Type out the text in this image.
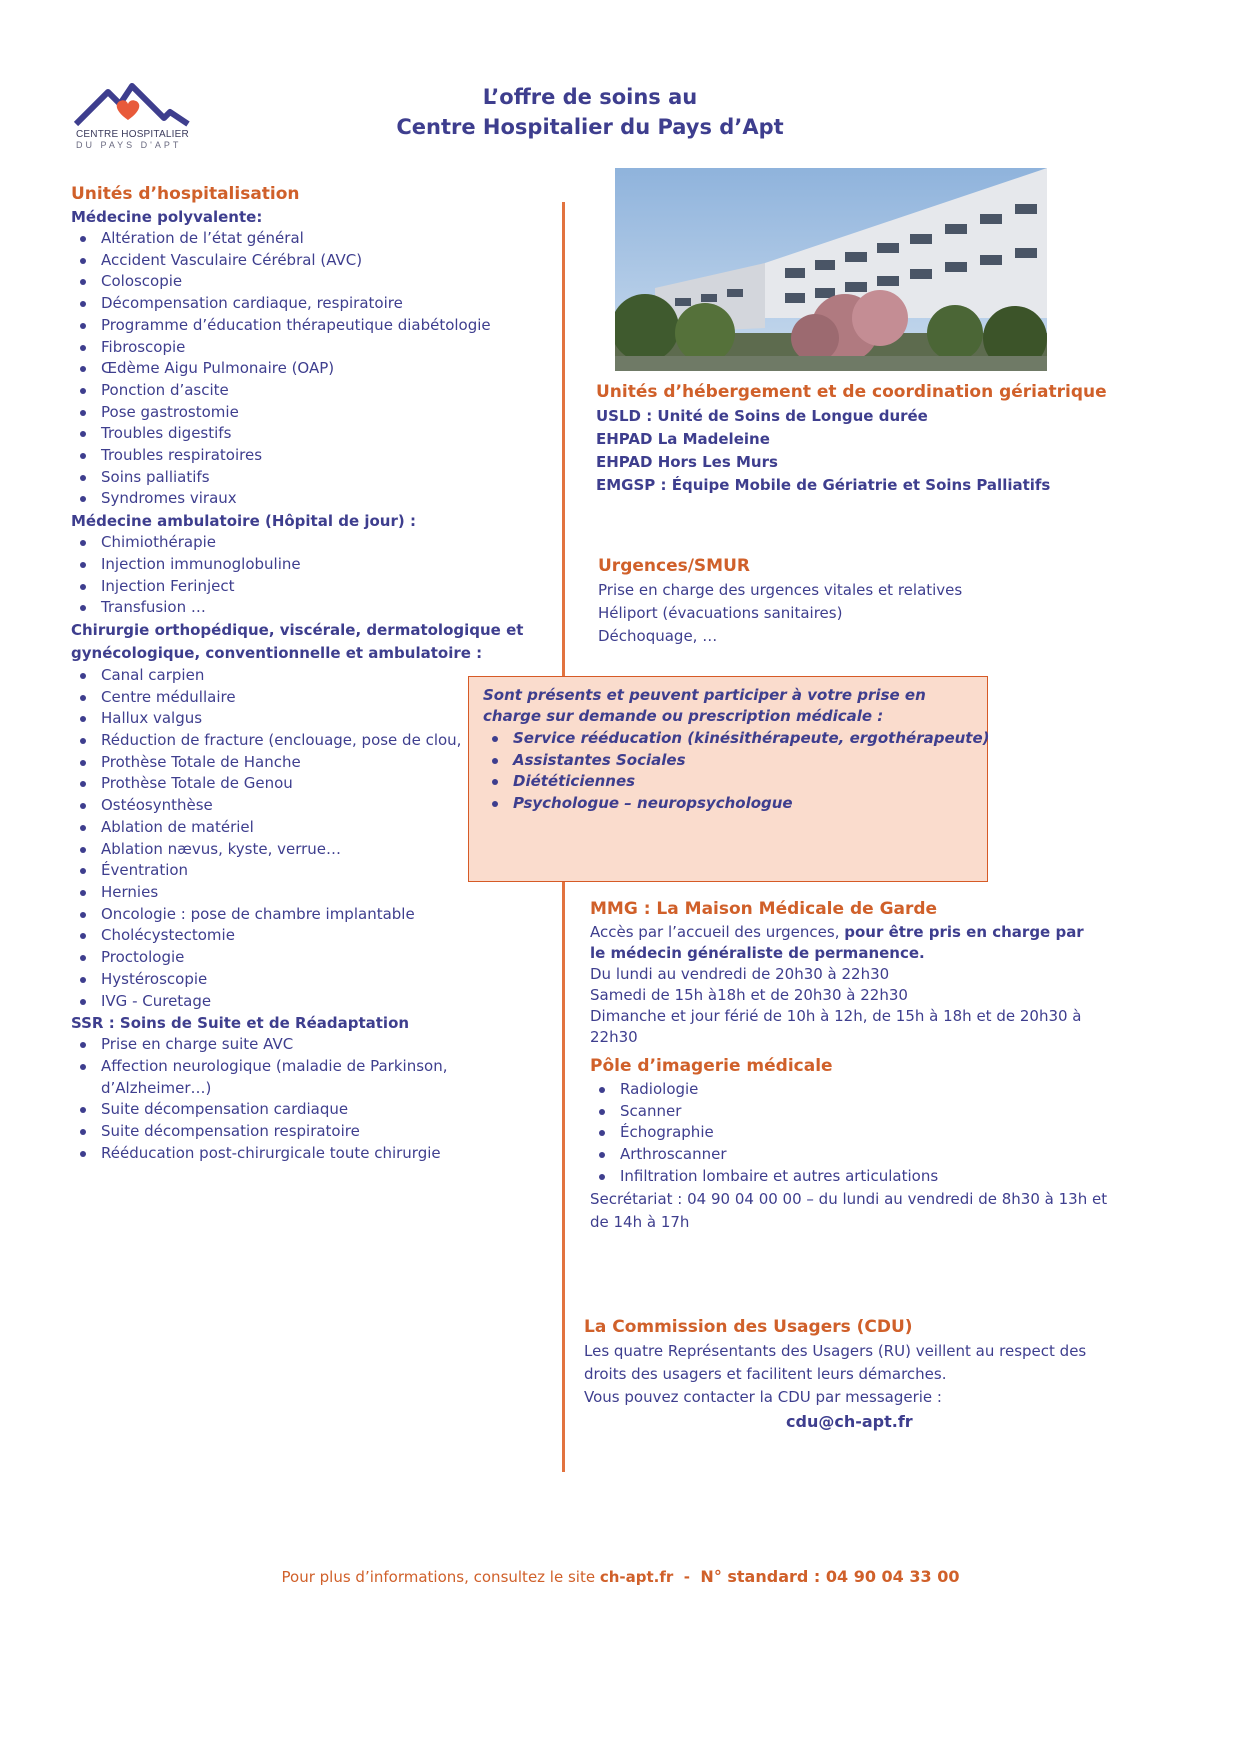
CENTRE HOSPITALIER
DU PAYS D'APT
L’offre de soins au
Centre Hospitalier du Pays d’Apt
Unités d’hospitalisation
Médecine polyvalente:
Altération de l’état général
Accident Vasculaire Cérébral (AVC)
Coloscopie
Décompensation cardiaque, respiratoire
Programme d’éducation thérapeutique diabétologie
Fibroscopie
Œdème Aigu Pulmonaire (OAP)
Ponction d’ascite
Pose gastrostomie
Troubles digestifs
Troubles respiratoires
Soins palliatifs
Syndromes viraux
Médecine ambulatoire (Hôpital de jour) :
Chimiothérapie
Injection immunoglobuline
Injection Ferinject
Transfusion …
Chirurgie orthopédique, viscérale, dermatologique et
gynécologique, conventionnelle et ambulatoire :
Canal carpien
Centre médullaire
Hallux valgus
Réduction de fracture (enclouage, pose de clou,
Prothèse Totale de Hanche
Prothèse Totale de Genou
Ostéosynthèse
Ablation de matériel
Ablation nævus, kyste, verrue…
Éventration
Hernies
Oncologie : pose de chambre implantable
Cholécystectomie
Proctologie
Hystéroscopie
IVG - Curetage
SSR : Soins de Suite et de Réadaptation
Prise en charge suite AVC
Affection neurologique (maladie de Parkinson, d’Alzheimer…)
Suite décompensation cardiaque
Suite décompensation respiratoire
Rééducation post-chirurgicale toute chirurgie
Unités d’hébergement et de coordination gériatrique
USLD : Unité de Soins de Longue durée
EHPAD La Madeleine
EHPAD Hors Les Murs
EMGSP : Équipe Mobile de Gériatrie et Soins Palliatifs
Urgences/SMUR
Prise en charge des urgences vitales et relatives
Héliport (évacuations sanitaires)
Déchoquage, …
Sont présents et peuvent participer à votre prise en charge sur demande ou prescription médicale :
Service rééducation (kinésithérapeute, ergothérapeute)
Assistantes Sociales
Diététiciennes
Psychologue – neuropsychologue
MMG : La Maison Médicale de Garde
Accès par l’accueil des urgences, pour être pris en charge par le médecin généraliste de permanence.
Du lundi au vendredi de 20h30 à 22h30
Samedi de 15h à18h et de 20h30 à 22h30
Dimanche et jour férié de 10h à 12h, de 15h à 18h et de 20h30 à 22h30
Pôle d’imagerie médicale
Radiologie
Scanner
Échographie
Arthroscanner
Infiltration lombaire et autres articulations
Secrétariat : 04 90 04 00 00 – du lundi au vendredi de 8h30 à 13h et de 14h à 17h
La Commission des Usagers (CDU)
Les quatre Représentants des Usagers (RU) veillent au respect des droits des usagers et facilitent leurs démarches.
Vous pouvez contacter la CDU par messagerie :
cdu@ch-apt.fr
Pour plus d’informations, consultez le site ch-apt.fr  -  N° standard : 04 90 04 33 00
